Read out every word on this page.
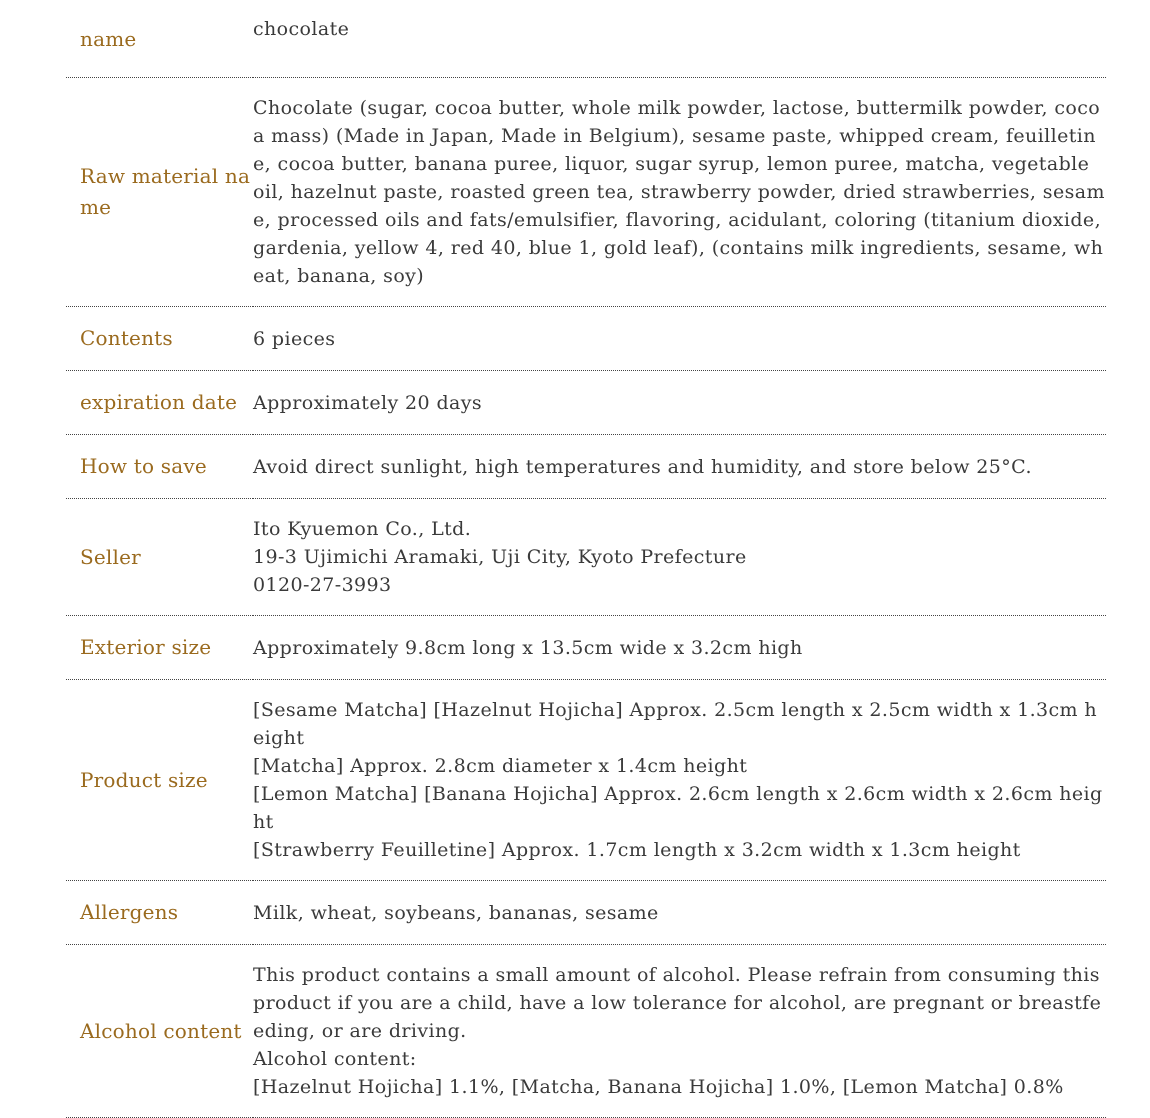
name	chocolate
Raw material name	Chocolate (sugar, cocoa butter, whole milk powder, lactose, buttermilk powder, cocoa mass) (Made in Japan, Made in Belgium), sesame paste, whipped cream, feuilletine, cocoa butter, banana puree, liquor, sugar syrup, lemon puree, matcha, vegetable oil, hazelnut paste, roasted green tea, strawberry powder, dried strawberries, sesame, processed oils and fats/emulsifier, flavoring, acidulant, coloring (titanium dioxide, gardenia, yellow 4, red 40, blue 1, gold leaf), (contains milk ingredients, sesame, wheat, banana, soy)
Contents	6 pieces
expiration date	Approximately 20 days
How to save	Avoid direct sunlight, high temperatures and humidity, and store below 25°C.
Seller	Ito Kyuemon Co., Ltd.
19-3 Ujimichi Aramaki, Uji City, Kyoto Prefecture
0120-27-3993

Exterior size	Approximately 9.8cm long x 13.5cm wide x 3.2cm high
Product size	[Sesame Matcha] [Hazelnut Hojicha] Approx. 2.5cm length x 2.5cm width x 1.3cm height
[Matcha] Approx. 2.8cm diameter x 1.4cm height
[Lemon Matcha] [Banana Hojicha] Approx. 2.6cm length x 2.6cm width x 2.6cm height
[Strawberry Feuilletine] Approx. 1.7cm length x 3.2cm width x 1.3cm height

Allergens	Milk, wheat, soybeans, bananas, sesame
Alcohol content	This product contains a small amount of alcohol. Please refrain from consuming this product if you are a child, have a low tolerance for alcohol, are pregnant or breastfeeding, or are driving.
Alcohol content:
[Hazelnut Hojicha] 1.1%, [Matcha, Banana Hojicha] 1.0%, [Lemon Matcha] 0.8%
